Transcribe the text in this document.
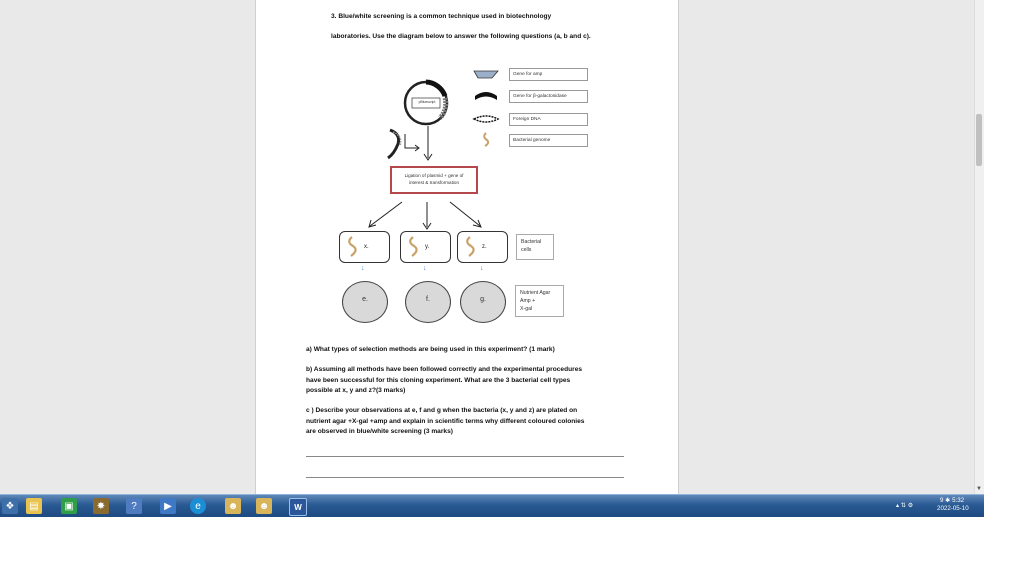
3. Blue/white screening is a common technique used in biotechnology
laboratories. Use the diagram below to answer the following questions (a, b and c).
pBluescript
Gene for amp
Gene for β-galactosidase
Foreign DNA
Bacterial genome
Ligation of plasmid + gene of
interest & transformation
x.	y.	z.
Bacterial
cells
↓	↓	↓
e.	f.	g.
Nutrient Agar
Amp +
X-gal
a) What types of selection methods are being used in this experiment? (1 mark)
b) Assuming all methods have been followed correctly and the experimental procedures
have been successful for this cloning experiment. What are the 3 bacterial cell types
possible at x, y and z?(3 marks)
c ) Describe your observations at e, f and g when the bacteria (x, y and z) are plated on
nutrient agar +X-gal +amp and explain in scientific terms why different coloured colonies
are observed in blue/white screening (3 marks)
▼
❖	▤	▣	✸	?	▶	e	☻ ☻	W	▴ ⇅ ⚙
9 ✱ 5:32
2022-05-10
